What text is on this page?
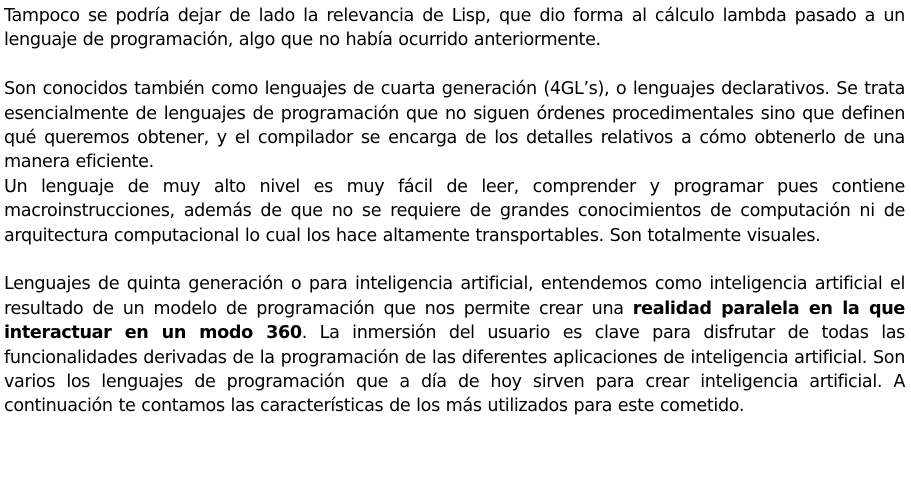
Tampoco se podría dejar de lado la relevancia de Lisp, que dio forma al cálculo lambda pasado a un lenguaje de programación, algo que no había ocurrido anteriormente.

Son conocidos también como lenguajes de cuarta generación (4GL’s), o lenguajes declarativos. Se trata esencialmente de lenguajes de programación que no siguen órdenes procedimentales sino que definen qué queremos obtener, y el compilador se encarga de los detalles relativos a cómo obtenerlo de una manera eficiente.

Un lenguaje de muy alto nivel es muy fácil de leer, comprender y programar pues contiene macroinstrucciones, además de que no se requiere de grandes conocimientos de computación ni de arquitectura computacional lo cual los hace altamente transportables. Son totalmente visuales.

Lenguajes de quinta generación o para inteligencia artificial, entendemos como inteligencia artificial el resultado de un modelo de programación que nos permite crear una realidad paralela en la que interactuar en un modo 360. La inmersión del usuario es clave para disfrutar de todas las funcionalidades derivadas de la programación de las diferentes aplicaciones de inteligencia artificial. Son varios los lenguajes de programación que a día de hoy sirven para crear inteligencia artificial. A continuación te contamos las características de los más utilizados para este cometido.
